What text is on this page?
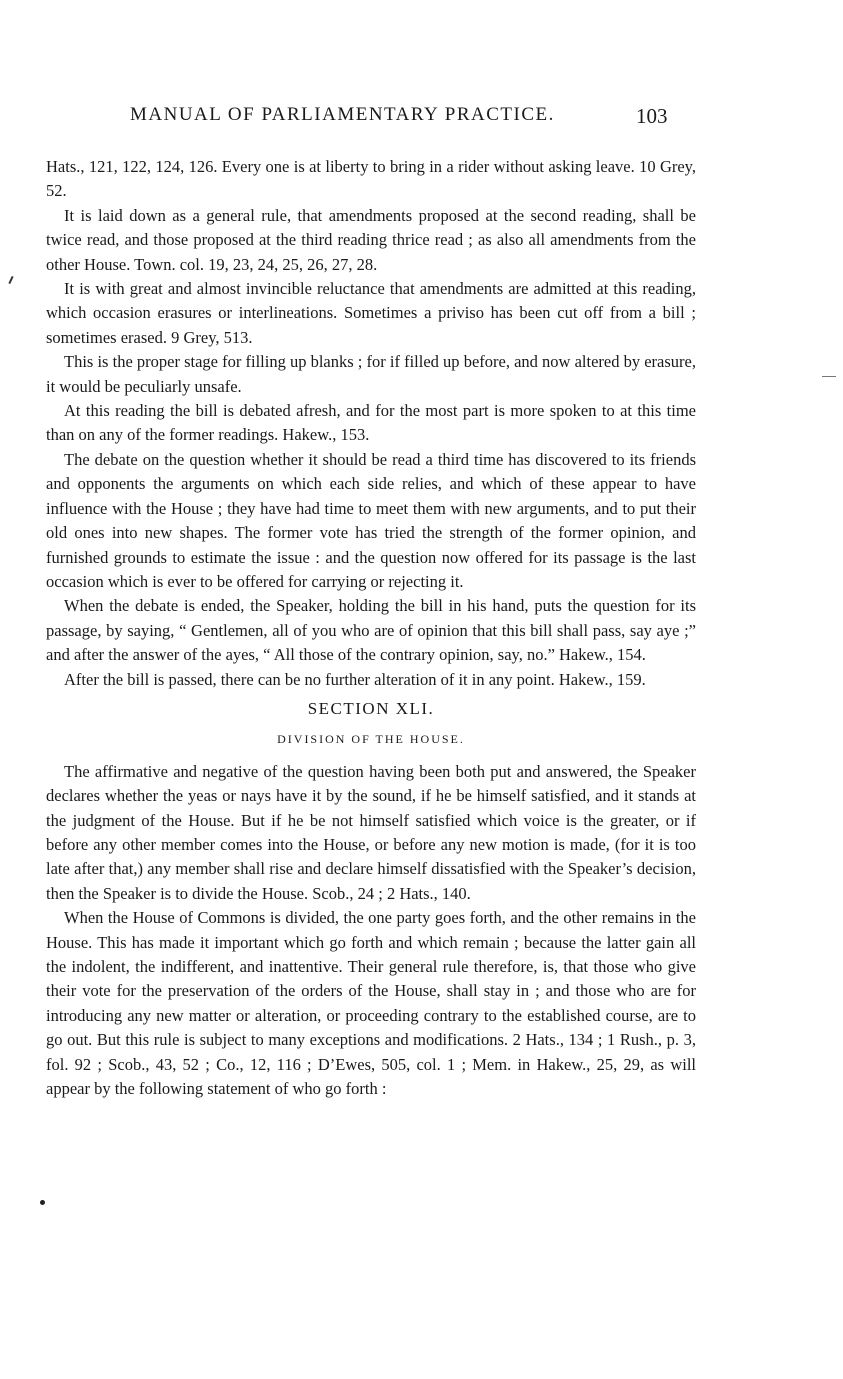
MANUAL OF PARLIAMENTARY PRACTICE.	103

Hats., 121, 122, 124, 126. Every one is at liberty to bring in a rider without asking leave. 10 Grey, 52.

It is laid down as a general rule, that amendments proposed at the second reading, shall be twice read, and those proposed at the third reading thrice read ; as also all amendments from the other House. Town. col. 19, 23, 24, 25, 26, 27, 28.

It is with great and almost invincible reluctance that amendments are admitted at this reading, which occasion erasures or interlineations. Sometimes a priviso has been cut off from a bill ; sometimes erased. 9 Grey, 513.

This is the proper stage for filling up blanks ; for if filled up before, and now altered by erasure, it would be peculiarly unsafe.

At this reading the bill is debated afresh, and for the most part is more spoken to at this time than on any of the former readings. Hakew., 153.

The debate on the question whether it should be read a third time has discovered to its friends and opponents the arguments on which each side relies, and which of these appear to have influence with the House ; they have had time to meet them with new arguments, and to put their old ones into new shapes. The former vote has tried the strength of the former opinion, and furnished grounds to estimate the issue : and the question now offered for its passage is the last occasion which is ever to be offered for carrying or rejecting it.

When the debate is ended, the Speaker, holding the bill in his hand, puts the question for its passage, by saying, “ Gentlemen, all of you who are of opinion that this bill shall pass, say aye ;” and after the answer of the ayes, “ All those of the contrary opinion, say, no.” Hakew., 154.

After the bill is passed, there can be no further alteration of it in any point. Hakew., 159.

SECTION XLI.

DIVISION OF THE HOUSE.

The affirmative and negative of the question having been both put and answered, the Speaker declares whether the yeas or nays have it by the sound, if he be himself satisfied, and it stands at the judgment of the House. But if he be not himself satisfied which voice is the greater, or if before any other member comes into the House, or before any new motion is made, (for it is too late after that,) any member shall rise and declare himself dissatisfied with the Speaker’s decision, then the Speaker is to divide the House. Scob., 24 ; 2 Hats., 140.

When the House of Commons is divided, the one party goes forth, and the other remains in the House. This has made it important which go forth and which remain ; because the latter gain all the indolent, the indifferent, and inattentive. Their general rule therefore, is, that those who give their vote for the preservation of the orders of the House, shall stay in ; and those who are for introducing any new matter or alteration, or proceeding contrary to the established course, are to go out. But this rule is subject to many exceptions and modifications. 2 Hats., 134 ; 1 Rush., p. 3, fol. 92 ; Scob., 43, 52 ; Co., 12, 116 ; D’Ewes, 505, col. 1 ; Mem. in Hakew., 25, 29, as will appear by the following statement of who go forth :
